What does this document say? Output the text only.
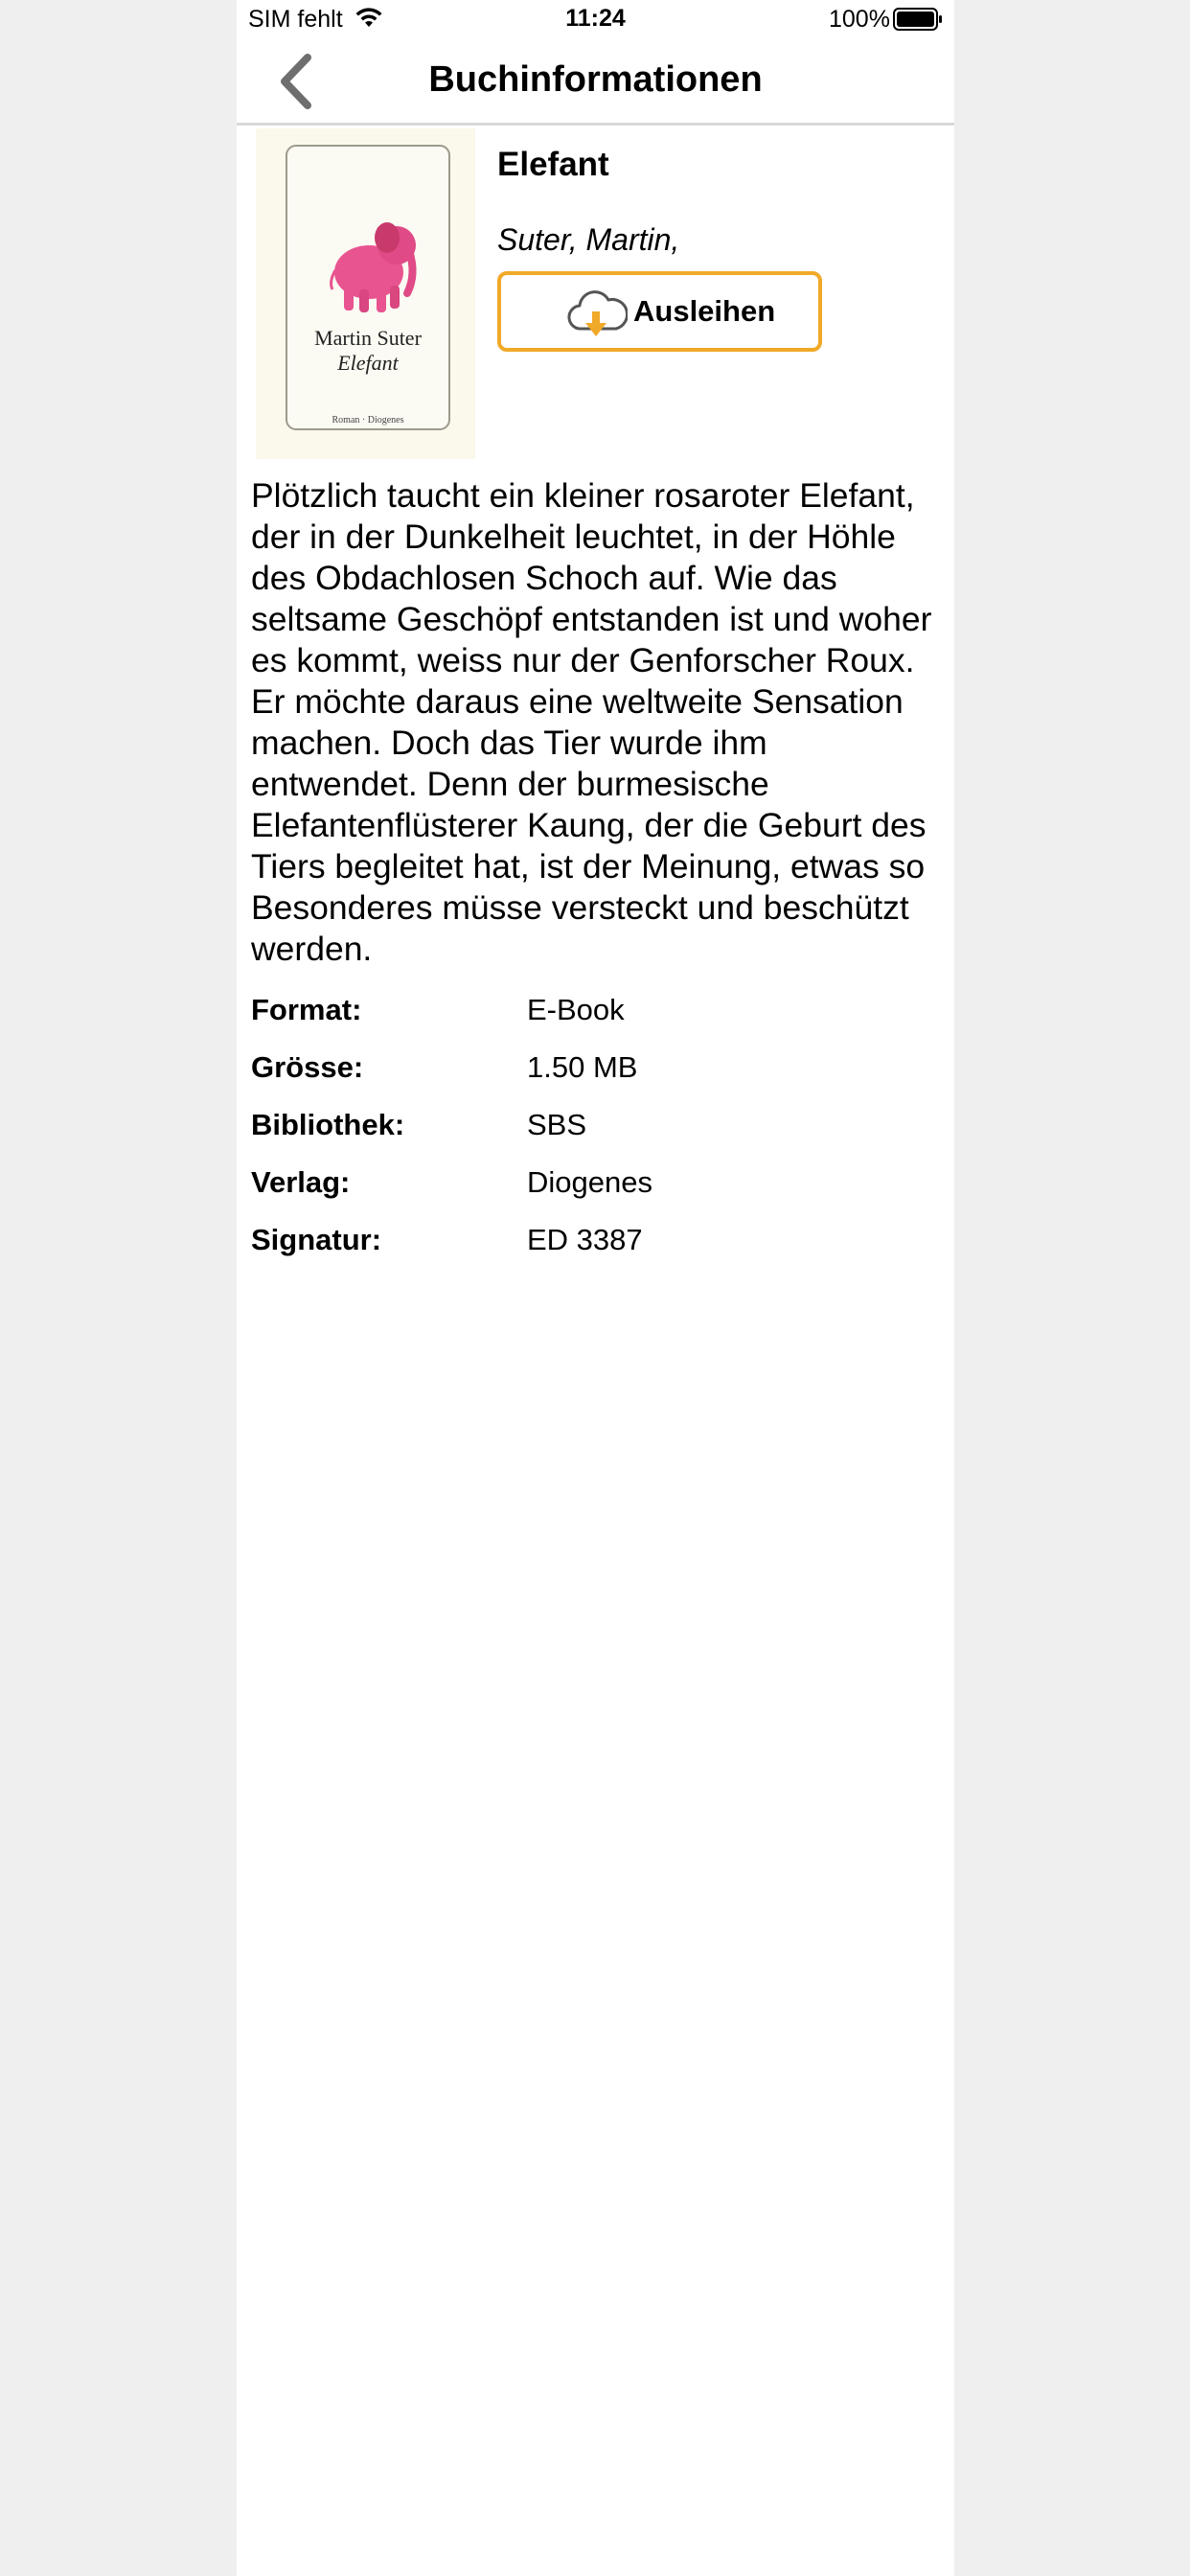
SIM fehlt	11:24	100%
Buchinformationen
Martin Suter
Elefant
Roman · Diogenes
Elefant
Suter, Martin,
Ausleihen

Plötzlich taucht ein kleiner rosaroter Elefant, der in der Dunkelheit leuchtet, in der Höhle des Obdachlosen Schoch auf. Wie das seltsame Geschöpf entstanden ist und woher es kommt, weiss nur der Genforscher Roux. Er möchte daraus eine weltweite Sensation machen. Doch das Tier wurde ihm entwendet. Denn der burmesische Elefantenflüsterer Kaung, der die Geburt des Tiers begleitet hat, ist der Meinung, etwas so Besonderes müsse versteckt und beschützt werden.

Format:	E-Book
Grösse:	1.50 MB
Bibliothek:	SBS
Verlag:	Diogenes
Signatur:	ED 3387
